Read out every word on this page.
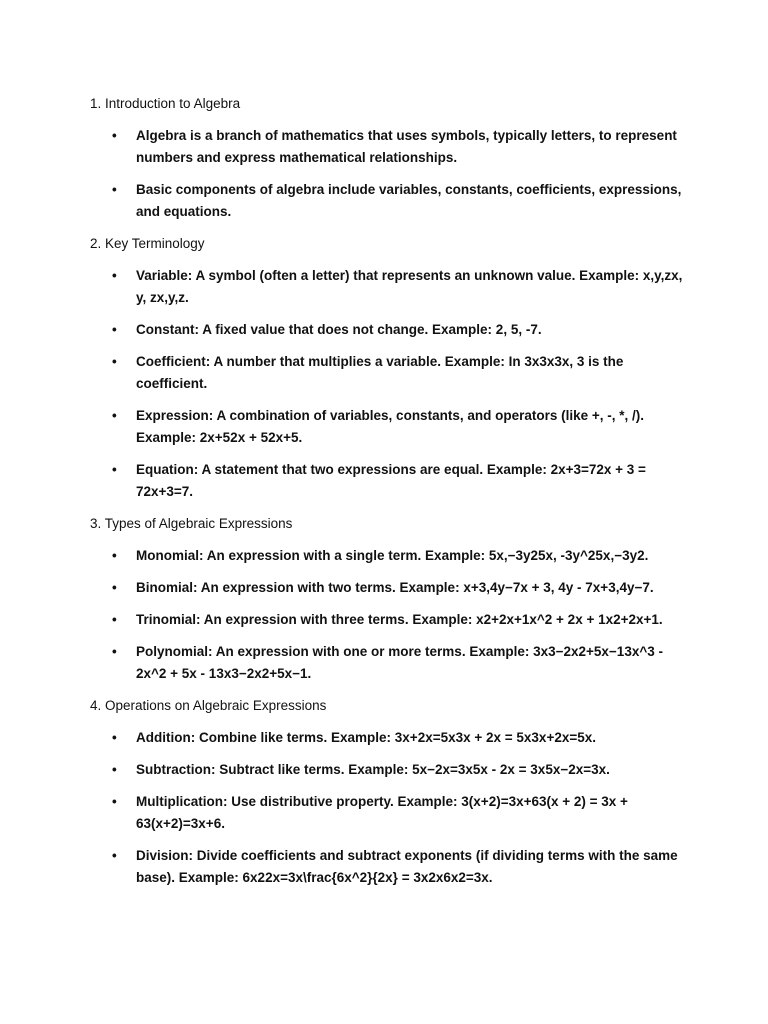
1. Introduction to Algebra
• Algebra is a branch of mathematics that uses symbols, typically letters, to represent numbers and express mathematical relationships.
• Basic components of algebra include variables, constants, coefficients, expressions, and equations.
2. Key Terminology
• Variable: A symbol (often a letter) that represents an unknown value. Example: x,y,zx, y, zx,y,z.
• Constant: A fixed value that does not change. Example: 2, 5, -7.
• Coefficient: A number that multiplies a variable. Example: In 3x3x3x, 3 is the coefficient.
• Expression: A combination of variables, constants, and operators (like +, -, *, /). Example: 2x+52x + 52x+5.
• Equation: A statement that two expressions are equal. Example: 2x+3=72x + 3 = 72x+3=7.
3. Types of Algebraic Expressions
• Monomial: An expression with a single term. Example: 5x,−3y25x, -3y^25x,−3y2.
• Binomial: An expression with two terms. Example: x+3,4y−7x + 3, 4y - 7x+3,4y−7.
• Trinomial: An expression with three terms. Example: x2+2x+1x^2 + 2x + 1x2+2x+1.
• Polynomial: An expression with one or more terms. Example: 3x3−2x2+5x−13x^3 - 2x^2 + 5x - 13x3−2x2+5x−1.
4. Operations on Algebraic Expressions
• Addition: Combine like terms. Example: 3x+2x=5x3x + 2x = 5x3x+2x=5x.
• Subtraction: Subtract like terms. Example: 5x−2x=3x5x - 2x = 3x5x−2x=3x.
• Multiplication: Use distributive property. Example: 3(x+2)=3x+63(x + 2) = 3x + 63(x+2)=3x+6.
• Division: Divide coefficients and subtract exponents (if dividing terms with the same base). Example: 6x22x=3x\frac{6x^2}{2x} = 3x2x6x2=3x.
